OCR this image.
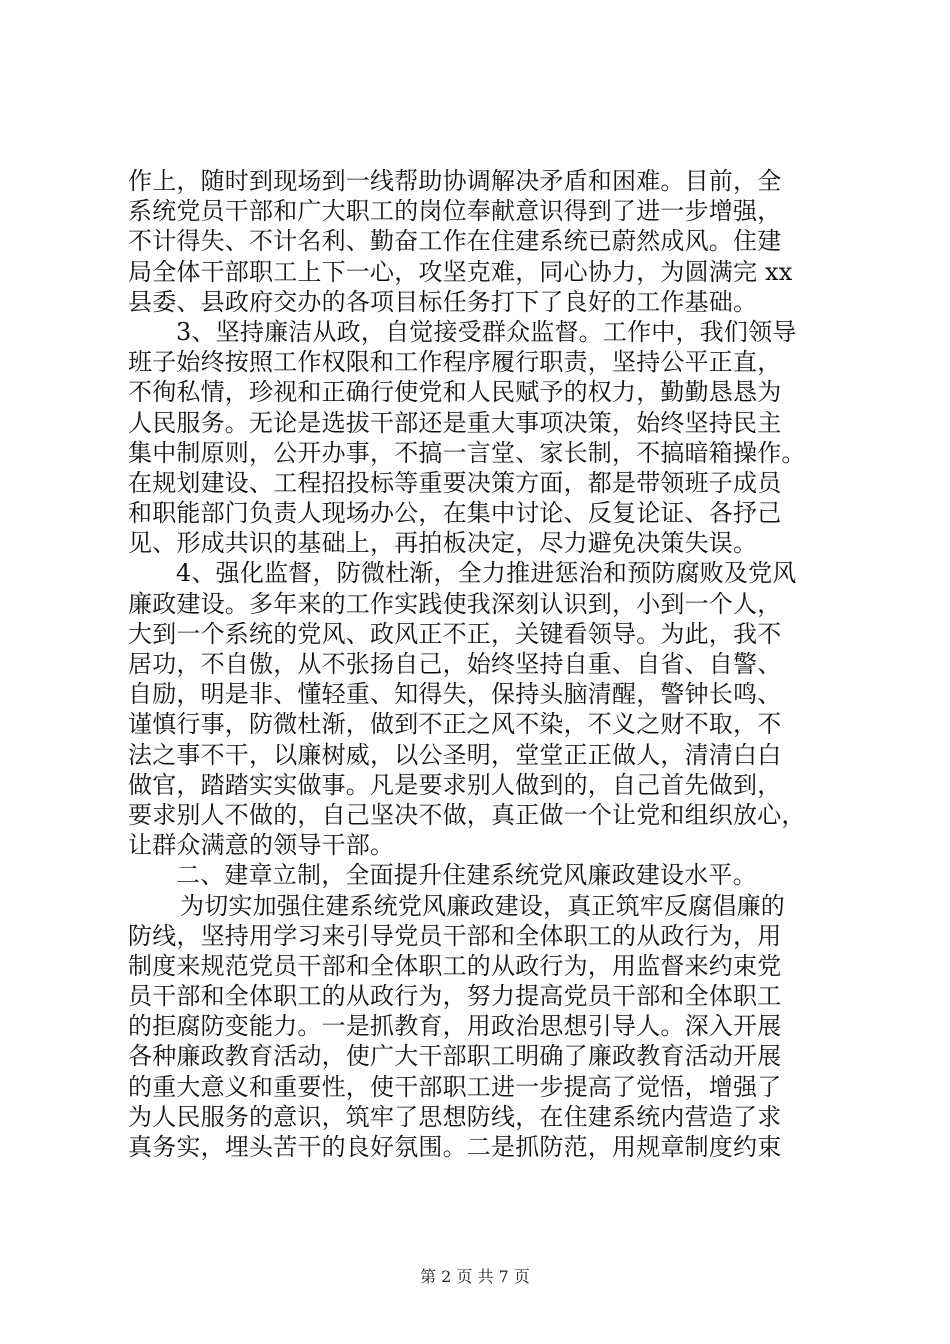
作上，随时到现场到一线帮助协调解决矛盾和困难。目前，全
系统党员干部和广大职工的岗位奉献意识得到了进一步增强，
不计得失、不计名利、勤奋工作在住建系统已蔚然成风。住建
局全体干部职工上下一心，攻坚克难，同心协力，为圆满完 xx
县委、县政府交办的各项目标任务打下了良好的工作基础。
3、坚持廉洁从政，自觉接受群众监督。工作中，我们领导
班子始终按照工作权限和工作程序履行职责，坚持公平正直，
不徇私情，珍视和正确行使党和人民赋予的权力，勤勤恳恳为
人民服务。无论是选拔干部还是重大事项决策，始终坚持民主
集中制原则，公开办事，不搞一言堂、家长制，不搞暗箱操作。
在规划建设、工程招投标等重要决策方面，都是带领班子成员
和职能部门负责人现场办公，在集中讨论、反复论证、各抒己
见、形成共识的基础上，再拍板决定，尽力避免决策失误。
4、强化监督，防微杜渐，全力推进惩治和预防腐败及党风
廉政建设。多年来的工作实践使我深刻认识到，小到一个人，
大到一个系统的党风、政风正不正，关键看领导。为此，我不
居功，不自傲，从不张扬自己，始终坚持自重、自省、自警、
自励，明是非、懂轻重、知得失，保持头脑清醒，警钟长鸣、
谨慎行事，防微杜渐，做到不正之风不染，不义之财不取，不
法之事不干，以廉树威，以公圣明，堂堂正正做人，清清白白
做官，踏踏实实做事。凡是要求别人做到的，自己首先做到，
要求别人不做的，自己坚决不做，真正做一个让党和组织放心，
让群众满意的领导干部。
二、建章立制，全面提升住建系统党风廉政建设水平。
为切实加强住建系统党风廉政建设，真正筑牢反腐倡廉的
防线，坚持用学习来引导党员干部和全体职工的从政行为，用
制度来规范党员干部和全体职工的从政行为，用监督来约束党
员干部和全体职工的从政行为，努力提高党员干部和全体职工
的拒腐防变能力。一是抓教育，用政治思想引导人。深入开展
各种廉政教育活动，使广大干部职工明确了廉政教育活动开展
的重大意义和重要性，使干部职工进一步提高了觉悟，增强了
为人民服务的意识，筑牢了思想防线，在住建系统内营造了求
真务实，埋头苦干的良好氛围。二是抓防范，用规章制度约束
第 2 页 共 7 页
